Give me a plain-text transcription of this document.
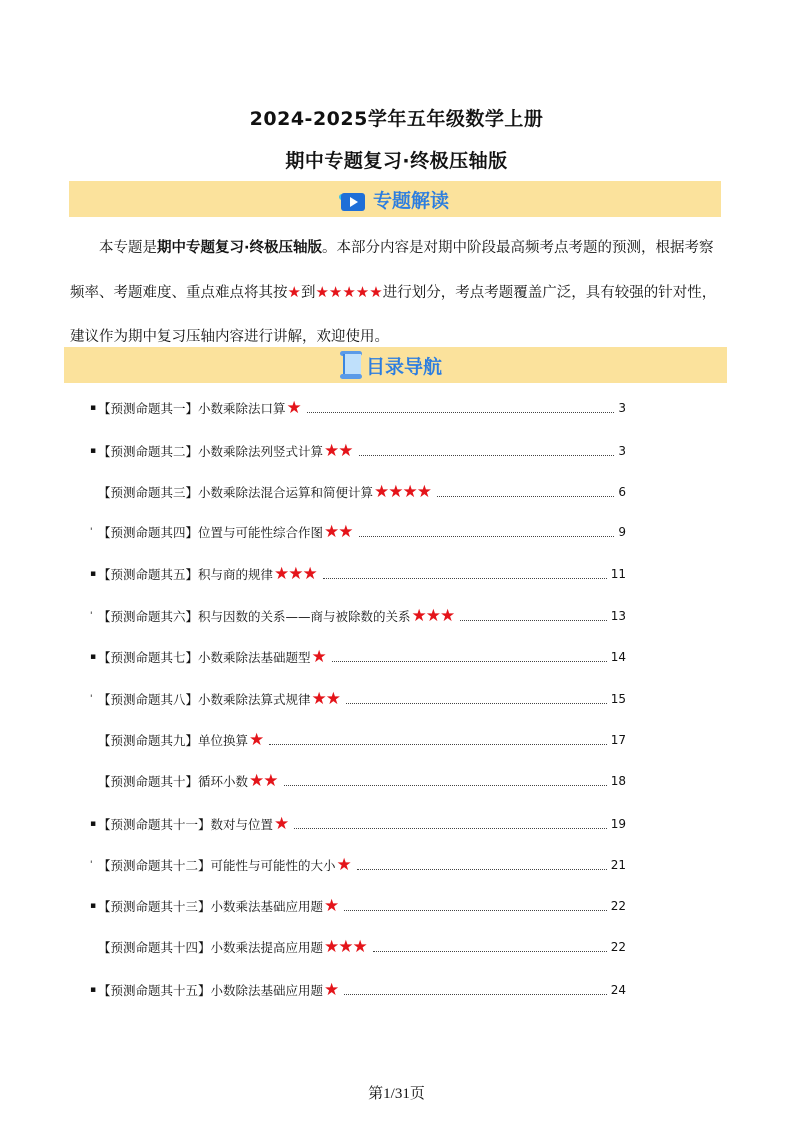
2024-2025学年五年级数学上册
期中专题复习·终极压轴版
专题解读

本专题是期中专题复习·终极压轴版。本部分内容是对期中阶段最高频考点考题的预测，根据考察频率、考题难度、重点难点将其按★到★★★★★进行划分，考点考题覆盖广泛，具有较强的针对性，建议作为期中复习压轴内容进行讲解，欢迎使用。

目录导航
▪ 【预测命题其一】小数乘除法口算 ★	3
▪ 【预测命题其二】小数乘除法列竖式计算 ★★	3
【预测命题其三】小数乘除法混合运算和简便计算 ★★★★	6
' 【预测命题其四】位置与可能性综合作图 ★★	9
▪ 【预测命题其五】积与商的规律 ★★★	11
' 【预测命题其六】积与因数的关系——商与被除数的关系 ★★★	13
▪ 【预测命题其七】小数乘除法基础题型 ★	14
' 【预测命题其八】小数乘除法算式规律 ★★	15
【预测命题其九】单位换算 ★	17
【预测命题其十】循环小数 ★★	18
▪ 【预测命题其十一】数对与位置 ★	19
' 【预测命题其十二】可能性与可能性的大小 ★	21
▪ 【预测命题其十三】小数乘法基础应用题 ★	22
【预测命题其十四】小数乘法提高应用题 ★★★	22
▪ 【预测命题其十五】小数除法基础应用题 ★	24
第1/31页
